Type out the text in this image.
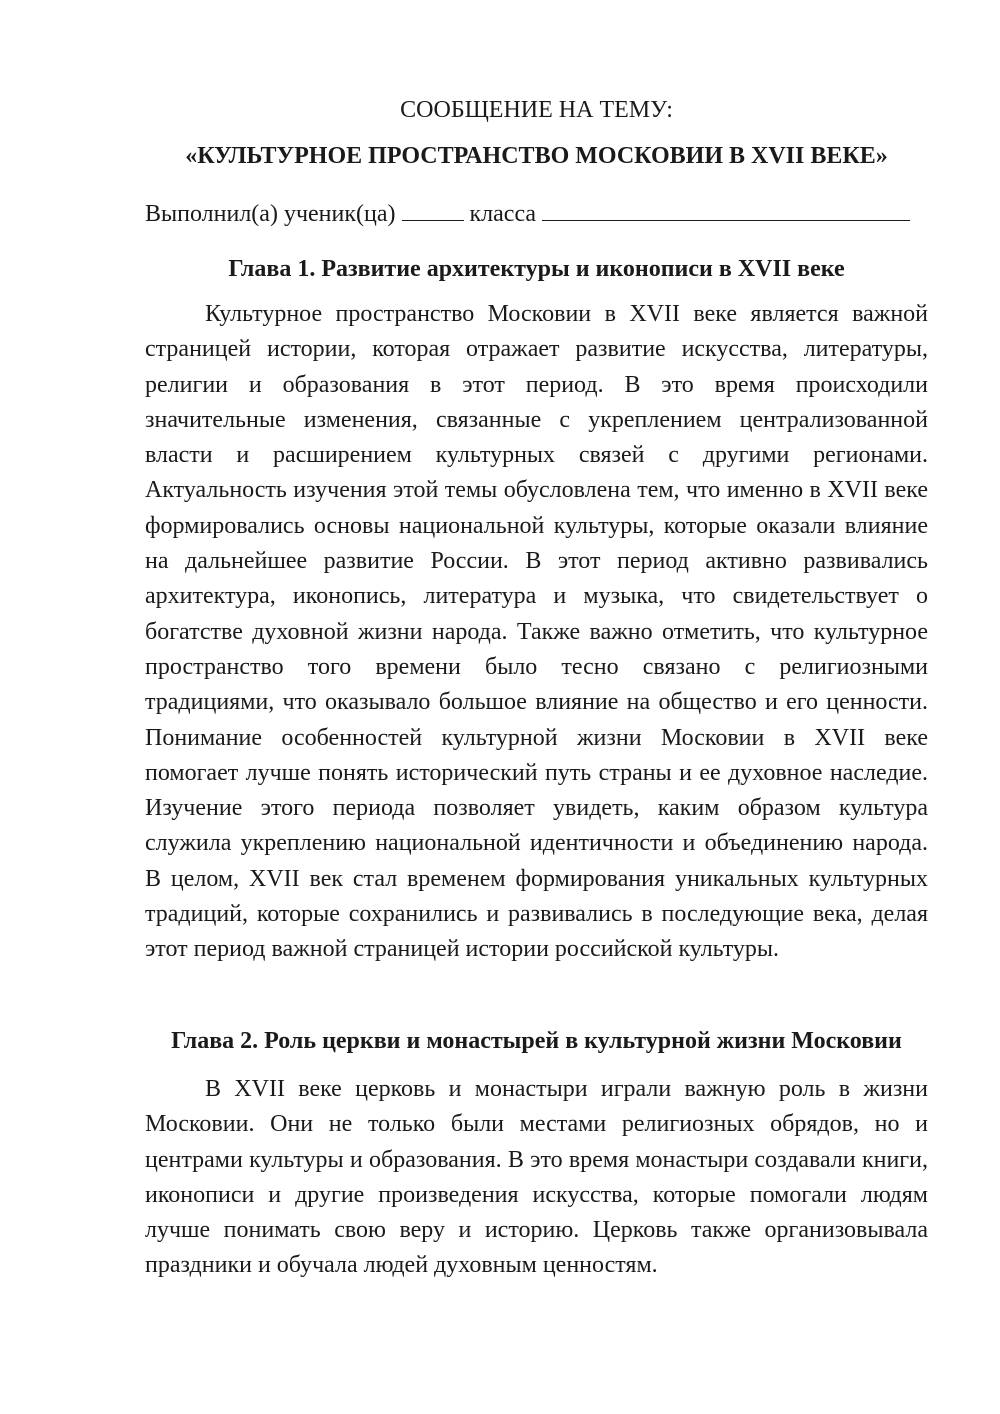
СООБЩЕНИЕ НА ТЕМУ:
«КУЛЬТУРНОЕ ПРОСТРАНСТВО МОСКОВИИ В XVII ВЕКЕ»
Выполнил(а) ученик(ца)	класса
Глава 1. Развитие архитектуры и иконописи в XVII веке

Культурное пространство Московии в XVII веке является важной страницей истории, которая отражает развитие искусства, литературы, религии и образования в этот период. В это время происходили значительные изменения, связанные с укреплением централизованной власти и расширением культурных связей с другими регионами. Актуальность изучения этой темы обусловлена тем, что именно в XVII веке формировались основы национальной культуры, которые оказали влияние на дальнейшее развитие России. В этот период активно развивались архитектура, иконопись, литература и музыка, что свидетельствует о богатстве духовной жизни народа. Также важно отметить, что культурное пространство того времени было тесно связано с религиозными традициями, что оказывало большое влияние на общество и его ценности. Понимание особенностей культурной жизни Московии в XVII веке помогает лучше понять исторический путь страны и ее духовное наследие. Изучение этого периода позволяет увидеть, каким образом культура служила укреплению национальной идентичности и объединению народа. В целом, XVII век стал временем формирования уникальных культурных традиций, которые сохранились и развивались в последующие века, делая этот период важной страницей истории российской культуры.

Глава 2. Роль церкви и монастырей в культурной жизни Московии

В XVII веке церковь и монастыри играли важную роль в жизни Московии. Они не только были местами религиозных обрядов, но и центрами культуры и образования. В это время монастыри создавали книги, иконописи и другие произведения искусства, которые помогали людям лучше понимать свою веру и историю. Церковь также организовывала праздники и обучала людей духовным ценностям.
